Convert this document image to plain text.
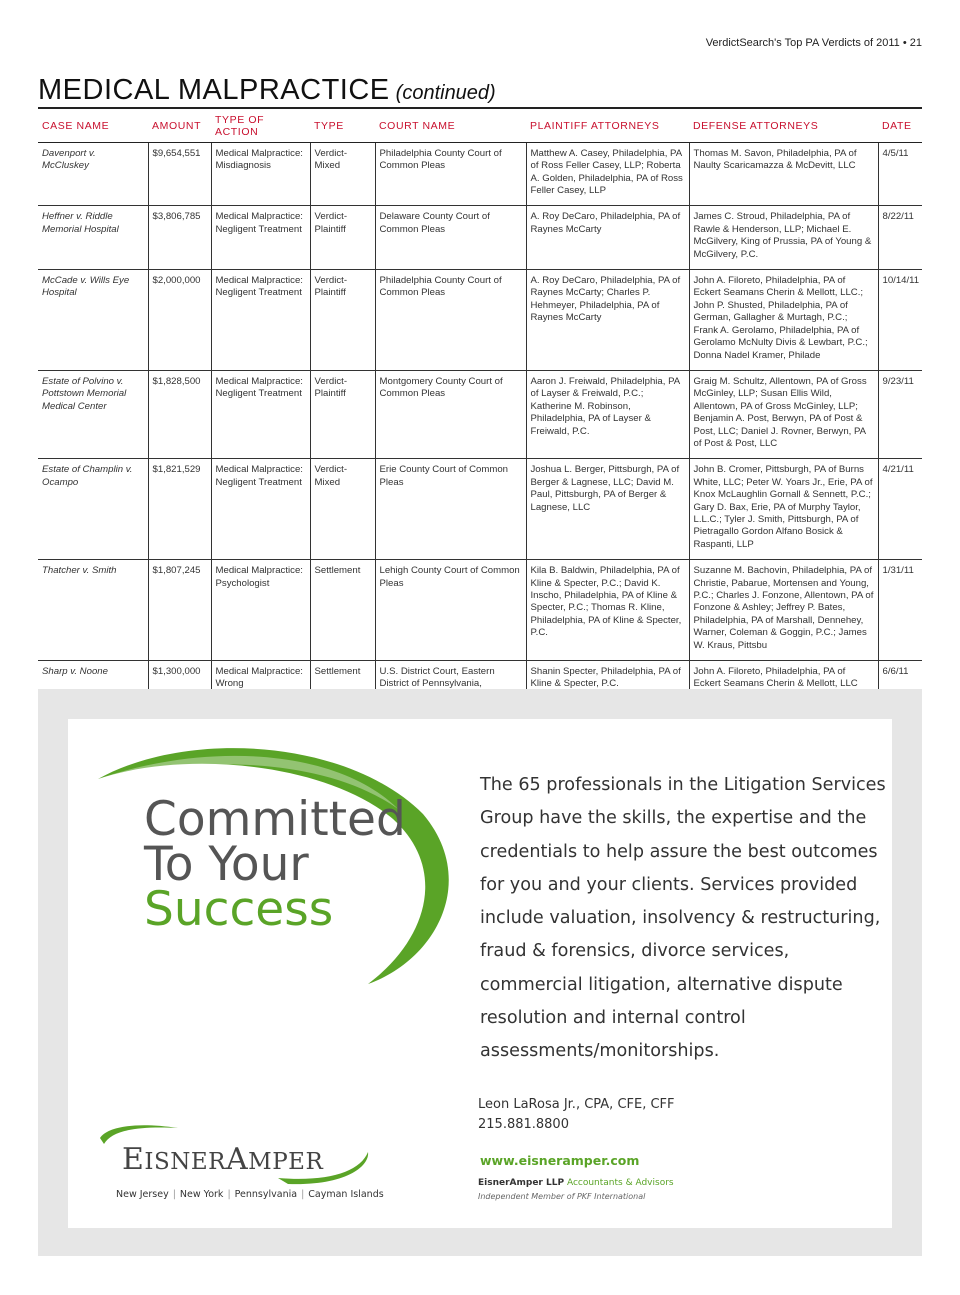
VerdictSearch's Top PA Verdicts of 2011 • 21
MEDICAL MALPRACTICE (continued)
CASE NAME	AMOUNT	TYPE OF ACTION	TYPE	COURT NAME	PLAINTIFF ATTORNEYS	DEFENSE ATTORNEYS	DATE
Davenport v. McCluskey	$9,654,551	Medical Malpractice: Misdiagnosis	Verdict-Mixed	Philadelphia County Court of Common Pleas	Matthew A. Casey, Philadelphia, PA of Ross Feller Casey, LLP; Roberta A. Golden, Philadelphia, PA of Ross Feller Casey, LLP	Thomas M. Savon, Philadelphia, PA of Naulty Scaricamazza & McDevitt, LLC	4/5/11
Heffner v. Riddle Memorial Hospital	$3,806,785	Medical Malpractice: Negligent Treatment	Verdict-Plaintiff	Delaware County Court of Common Pleas	A. Roy DeCaro, Philadelphia, PA of Raynes McCarty	James C. Stroud, Philadelphia, PA of Rawle & Henderson, LLP; Michael E. McGilvery, King of Prussia, PA of Young & McGilvery, P.C.	8/22/11
McCade v. Wills Eye Hospital	$2,000,000	Medical Malpractice: Negligent Treatment	Verdict-Plaintiff	Philadelphia County Court of Common Pleas	A. Roy DeCaro, Philadelphia, PA of Raynes McCarty; Charles P. Hehmeyer, Philadelphia, PA of Raynes McCarty	John A. Filoreto, Philadelphia, PA of Eckert Seamans Cherin & Mellott, LLC.; John P. Shusted, Philadelphia, PA of German, Gallagher & Murtagh, P.C.; Frank A. Gerolamo, Philadelphia, PA of Gerolamo McNulty Divis & Lewbart, P.C.; Donna Nadel Kramer, Philade	10/14/11
Estate of Polvino v. Pottstown Memorial Medical Center	$1,828,500	Medical Malpractice: Negligent Treatment	Verdict-Plaintiff	Montgomery County Court of Common Pleas	Aaron J. Freiwald, Philadelphia, PA of Layser & Freiwald, P.C.; Katherine M. Robinson, Philadelphia, PA of Layser & Freiwald, P.C.	Graig M. Schultz, Allentown, PA of Gross McGinley, LLP; Susan Ellis Wild, Allentown, PA of Gross McGinley, LLP; Benjamin A. Post, Berwyn, PA of Post & Post, LLC; Daniel J. Rovner, Berwyn, PA of Post & Post, LLC	9/23/11
Estate of Champlin v. Ocampo	$1,821,529	Medical Malpractice: Negligent Treatment	Verdict-Mixed	Erie County Court of Common Pleas	Joshua L. Berger, Pittsburgh, PA of Berger & Lagnese, LLC; David M. Paul, Pittsburgh, PA of Berger & Lagnese, LLC	John B. Cromer, Pittsburgh, PA of Burns White, LLC; Peter W. Yoars Jr., Erie, PA of Knox McLaughlin Gornall & Sennett, P.C.; Gary D. Bax, Erie, PA of Murphy Taylor, L.L.C.; Tyler J. Smith, Pittsburgh, PA of Pietragallo Gordon Alfano Bosick & Raspanti, LLP	4/21/11
Thatcher v. Smith	$1,807,245	Medical Malpractice: Psychologist	Settlement	Lehigh County Court of Common Pleas	Kila B. Baldwin, Philadelphia, PA of Kline & Specter, P.C.; David K. Inscho, Philadelphia, PA of Kline & Specter, P.C.; Thomas R. Kline, Philadelphia, PA of Kline & Specter, P.C.	Suzanne M. Bachovin, Philadelphia, PA of Christie, Pabarue, Mortensen and Young, P.C.; Charles J. Fonzone, Allentown, PA of Fonzone & Ashley; Jeffrey P. Bates, Philadelphia, PA of Marshall, Dennehey, Warner, Coleman & Goggin, P.C.; James W. Kraus, Pittsbu	1/31/11
Sharp v. Noone	$1,300,000	Medical Malpractice: Wrong	Settlement	U.S. District Court, Eastern District of Pennsylvania,	Shanin Specter, Philadelphia, PA of Kline & Specter, P.C.	John A. Filoreto, Philadelphia, PA of Eckert Seamans Cherin & Mellott, LLC	6/6/11

Committed
To Your
Success

The 65 professionals in the Litigation Services Group have the skills, the expertise and the credentials to help assure the best outcomes for you and your clients. Services provided include valuation, insolvency & restructuring, fraud & forensics, divorce services, commercial litigation, alternative dispute resolution and internal control assessments/monitorships.

EISNERAMPER
New Jersey | New York | Pennsylvania | Cayman Islands
Leon LaRosa Jr., CPA, CFE, CFF
215.881.8800
www.eisneramper.com
EisnerAmper LLP Accountants & Advisors
Independent Member of PKF International
